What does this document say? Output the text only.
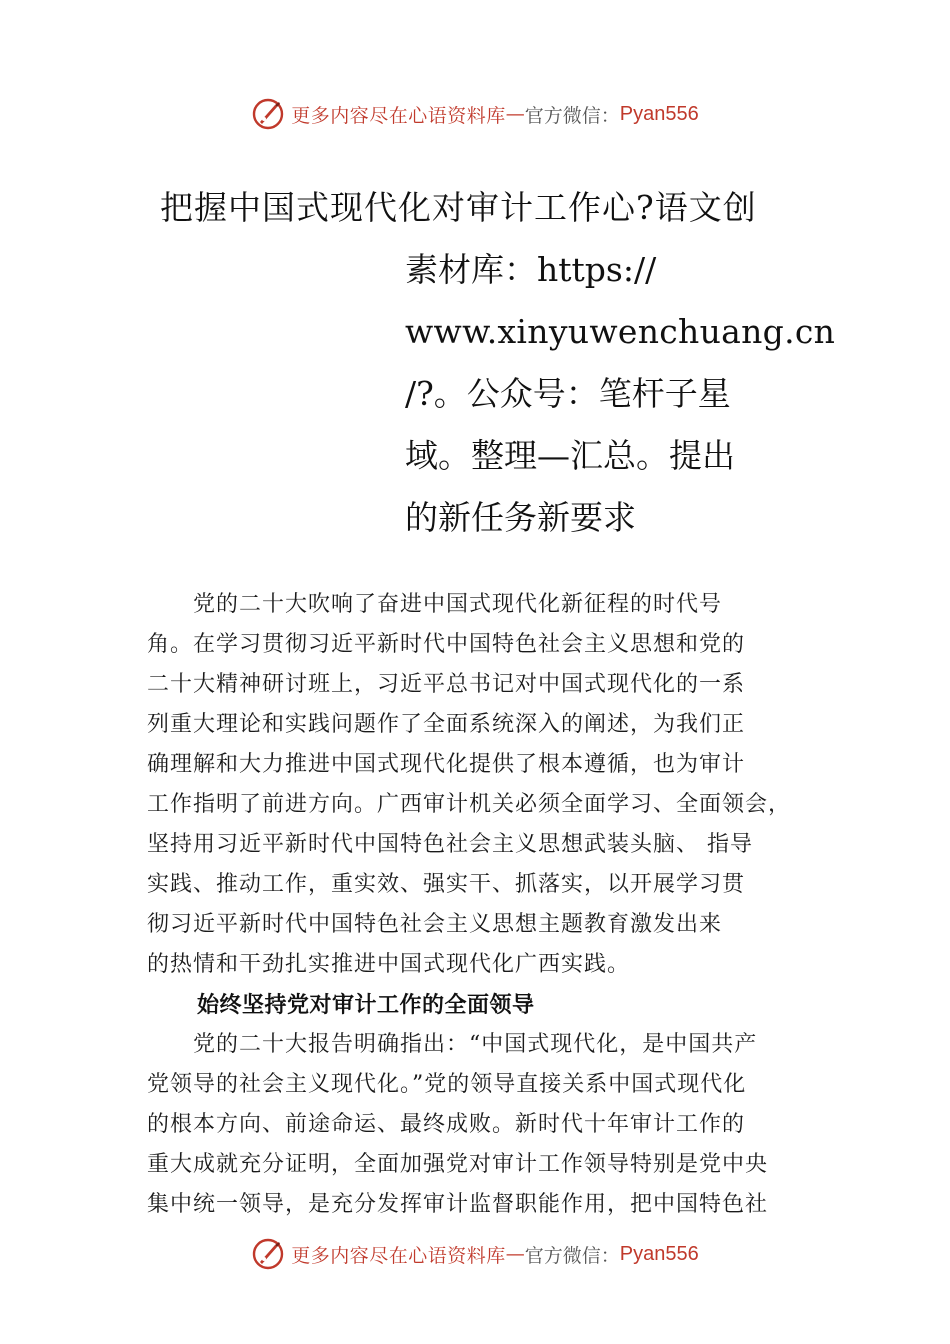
更多内容尽在心语资料库 — 官方微信： Pyan556
把握中国式现代化对审计工作心?语文创
素材库：https://
www.xinyuwenchuang.cn
/?。公众号：笔杆子星
域。整理—汇总。提出
的新任务新要求
　　党的二十大吹响了奋进中国式现代化新征程的时代号
角。在学习贯彻习近平新时代中国特色社会主义思想和党的
二十大精神研讨班上，习近平总书记对中国式现代化的一系
列重大理论和实践问题作了全面系统深入的阐述，为我们正
确理解和大力推进中国式现代化提供了根本遵循，也为审计
工作指明了前进方向。广西审计机关必须全面学习、全面领会，
坚持用习近平新时代中国特色社会主义思想武装头脑、 指导
实践、推动工作，重实效、强实干、抓落实，以开展学习贯
彻习近平新时代中国特色社会主义思想主题教育激发出来
的热情和干劲扎实推进中国式现代化广西实践。
始终坚持党对审计工作的全面领导
　　党的二十大报告明确指出：“中国式现代化，是中国共产
党领导的社会主义现代化。”党的领导直接关系中国式现代化
的根本方向、前途命运、最终成败。新时代十年审计工作的
重大成就充分证明，全面加强党对审计工作领导特别是党中央
集中统一领导，是充分发挥审计监督职能作用，把中国特色社
更多内容尽在心语资料库 — 官方微信： Pyan556
